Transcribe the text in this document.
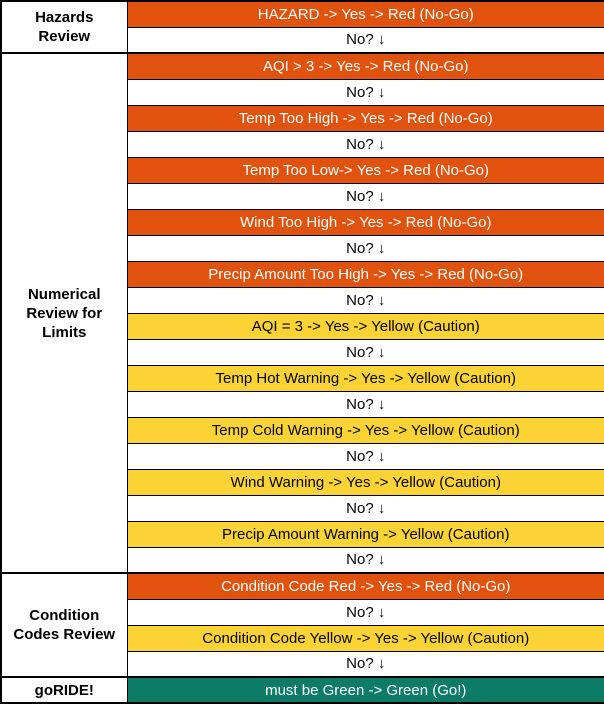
Hazards Review	HAZARD -> Yes -> Red (No-Go)
	No? ↓
Numerical Review for Limits	AQI > 3 -> Yes -> Red (No-Go)
	No? ↓
	Temp Too High -> Yes -> Red (No-Go)
	No? ↓
	Temp Too Low-> Yes -> Red (No-Go)
	No? ↓
	Wind Too High -> Yes -> Red (No-Go)
	No? ↓
	Precip Amount Too High -> Yes -> Red (No-Go)
	No? ↓
	AQI = 3 -> Yes -> Yellow (Caution)
	No? ↓
	Temp Hot Warning -> Yes -> Yellow (Caution)
	No? ↓
	Temp Cold Warning -> Yes -> Yellow (Caution)
	No? ↓
	Wind Warning -> Yes -> Yellow (Caution)
	No? ↓
	Precip Amount Warning -> Yellow (Caution)
	No? ↓
Condition Codes Review	Condition Code Red -> Yes -> Red (No-Go)
	No? ↓
	Condition Code Yellow -> Yes -> Yellow (Caution)
	No? ↓
goRIDE!	must be Green -> Green (Go!)
